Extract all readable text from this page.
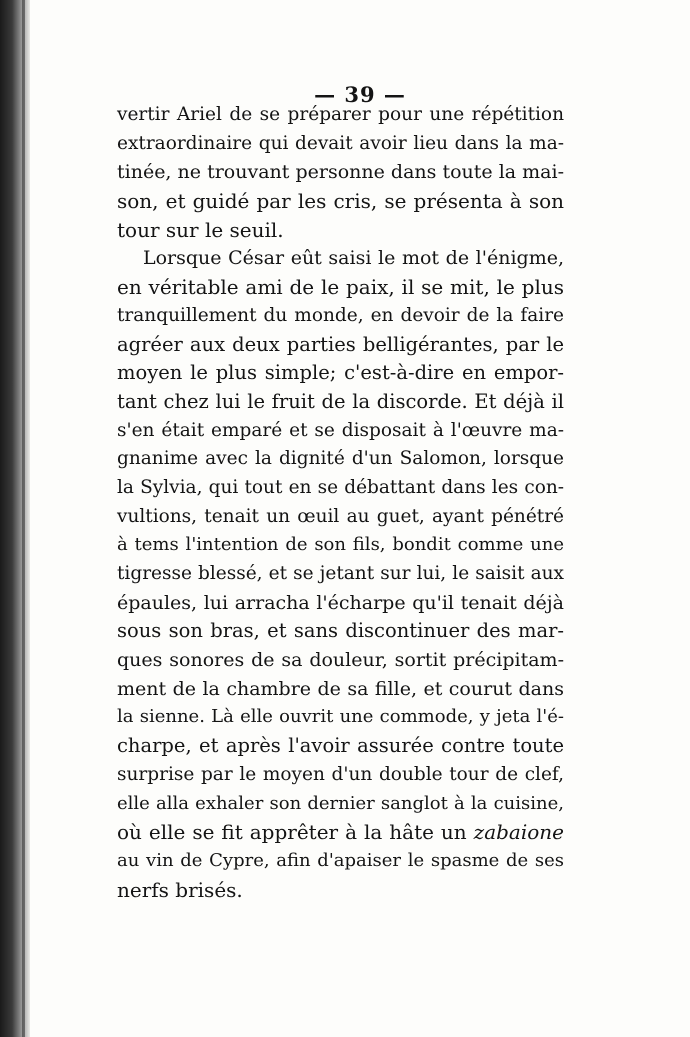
— 39 —
vertir Ariel de se préparer pour une répétition
extraordinaire qui devait avoir lieu dans la ma-
tinée, ne trouvant personne dans toute la mai-
son, et guidé par les cris, se présenta à son
tour sur le seuil.
Lorsque César eût saisi le mot de l'énigme,
en véritable ami de le paix, il se mit, le plus
tranquillement du monde, en devoir de la faire
agréer aux deux parties belligérantes, par le
moyen le plus simple; c'est-à-dire en empor-
tant chez lui le fruit de la discorde. Et déjà il
s'en était emparé et se disposait à l'œuvre ma-
gnanime avec la dignité d'un Salomon, lorsque
la Sylvia, qui tout en se débattant dans les con-
vultions, tenait un œuil au guet, ayant pénétré
à tems l'intention de son fils, bondit comme une
tigresse blessé, et se jetant sur lui, le saisit aux
épaules, lui arracha l'écharpe qu'il tenait déjà
sous son bras, et sans discontinuer des mar-
ques sonores de sa douleur, sortit précipitam-
ment de la chambre de sa fille, et courut dans
la sienne. Là elle ouvrit une commode, y jeta l'é-
charpe, et après l'avoir assurée contre toute
surprise par le moyen d'un double tour de clef,
elle alla exhaler son dernier sanglot à la cuisine,
où elle se fit apprêter à la hâte un zabaione
au vin de Cypre, afin d'apaiser le spasme de ses
nerfs brisés.
